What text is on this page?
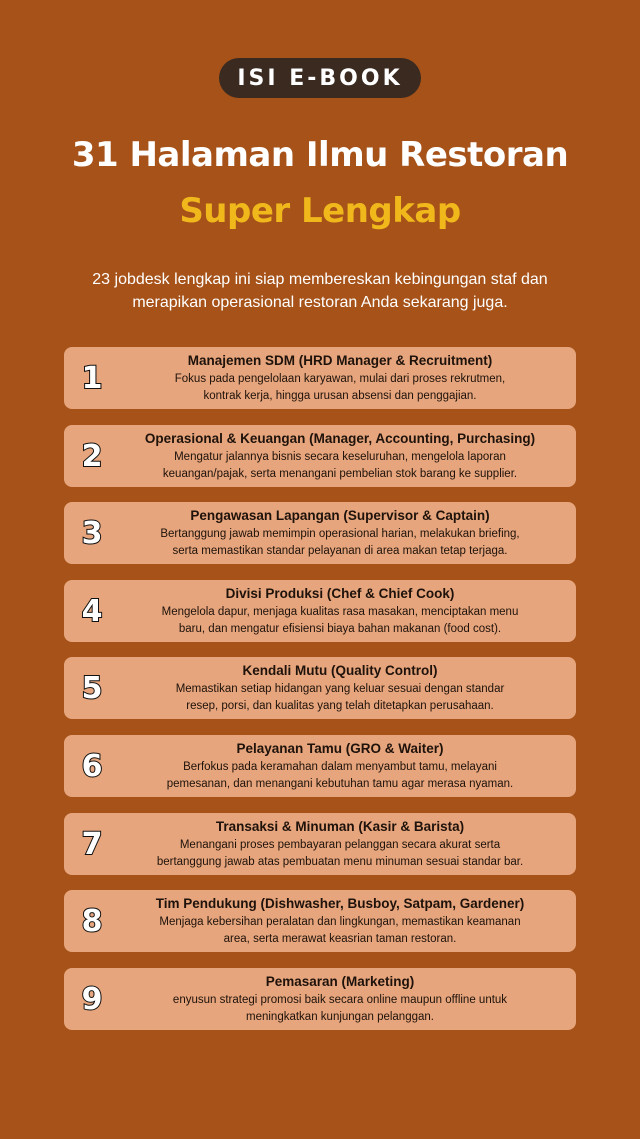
ISI E-BOOK
31 Halaman Ilmu Restoran
Super Lengkap
23 jobdesk lengkap ini siap membereskan kebingungan staf dan
merapikan operasional restoran Anda sekarang juga.
1	Manajemen SDM (HRD Manager & Recruitment)
Fokus pada pengelolaan karyawan, mulai dari proses rekrutmen,
kontrak kerja, hingga urusan absensi dan penggajian.
2	Operasional & Keuangan (Manager, Accounting, Purchasing)
Mengatur jalannya bisnis secara keseluruhan, mengelola laporan
keuangan/pajak, serta menangani pembelian stok barang ke supplier.
3	Pengawasan Lapangan (Supervisor & Captain)
Bertanggung jawab memimpin operasional harian, melakukan briefing,
serta memastikan standar pelayanan di area makan tetap terjaga.
4	Divisi Produksi (Chef & Chief Cook)
Mengelola dapur, menjaga kualitas rasa masakan, menciptakan menu
baru, dan mengatur efisiensi biaya bahan makanan (food cost).
5	Kendali Mutu (Quality Control)
Memastikan setiap hidangan yang keluar sesuai dengan standar
resep, porsi, dan kualitas yang telah ditetapkan perusahaan.
6	Pelayanan Tamu (GRO & Waiter)
Berfokus pada keramahan dalam menyambut tamu, melayani
pemesanan, dan menangani kebutuhan tamu agar merasa nyaman.
7	Transaksi & Minuman (Kasir & Barista)
Menangani proses pembayaran pelanggan secara akurat serta
bertanggung jawab atas pembuatan menu minuman sesuai standar bar.
8	Tim Pendukung (Dishwasher, Busboy, Satpam, Gardener)
Menjaga kebersihan peralatan dan lingkungan, memastikan keamanan
area, serta merawat keasrian taman restoran.
9	Pemasaran (Marketing)
enyusun strategi promosi baik secara online maupun offline untuk
meningkatkan kunjungan pelanggan.
